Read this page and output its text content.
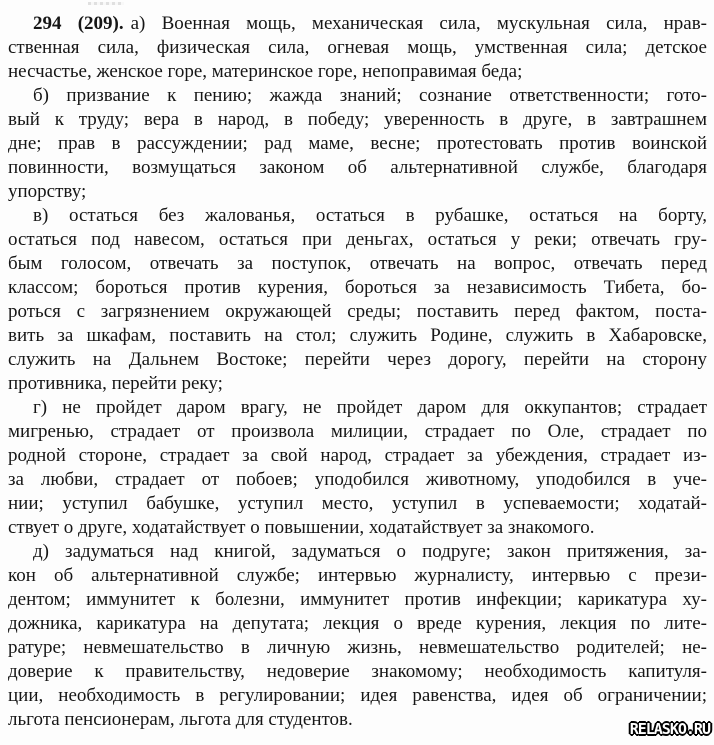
294 (209). а) Военная мощь, механическая сила, мускульная сила, нрав-
ственная сила, физическая сила, огневая мощь, умственная сила; детское
несчастье, женское горе, материнское горе, непоправимая беда;
б) призвание к пению; жажда знаний; сознание ответственности; гото-
вый к труду; вера в народ, в победу; уверенность в друге, в завтрашнем
дне; прав в рассуждении; рад маме, весне; протестовать против воинской
повинности, возмущаться законом об альтернативной службе, благодаря
упорству;
в) остаться без жалованья, остаться в рубашке, остаться на борту,
остаться под навесом, остаться при деньгах, остаться у реки; отвечать гру-
бым голосом, отвечать за поступок, отвечать на вопрос, отвечать перед
классом; бороться против курения, бороться за независимость Тибета, бо-
роться с загрязнением окружающей среды; поставить перед фактом, поста-
вить за шкафам, поставить на стол; служить Родине, служить в Хабаровске,
служить на Дальнем Востоке; перейти через дорогу, перейти на сторону
противника, перейти реку;
г) не пройдет даром врагу, не пройдет даром для оккупантов; страдает
мигренью, страдает от произвола милиции, страдает по Оле, страдает по
родной стороне, страдает за свой народ, страдает за убеждения, страдает из-
за любви, страдает от побоев; уподобился животному, уподобился в уче-
нии; уступил бабушке, уступил место, уступил в успеваемости; ходатай-
ствует о друге, ходатайствует о повышении, ходатайствует за знакомого.
д) задуматься над книгой, задуматься о подруге; закон притяжения, за-
кон об альтернативной службе; интервью журналисту, интервью с прези-
дентом; иммунитет к болезни, иммунитет против инфекции; карикатура ху-
дожника, карикатура на депутата; лекция о вреде курения, лекция по лите-
ратуре; невмешательство в личную жизнь, невмешательство родителей; не-
доверие к правительству, недоверие знакомому; необходимость капитуля-
ции, необходимость в регулировании; идея равенства, идея об ограничении;
льгота пенсионерам, льгота для студентов.	RELASKO.RU
